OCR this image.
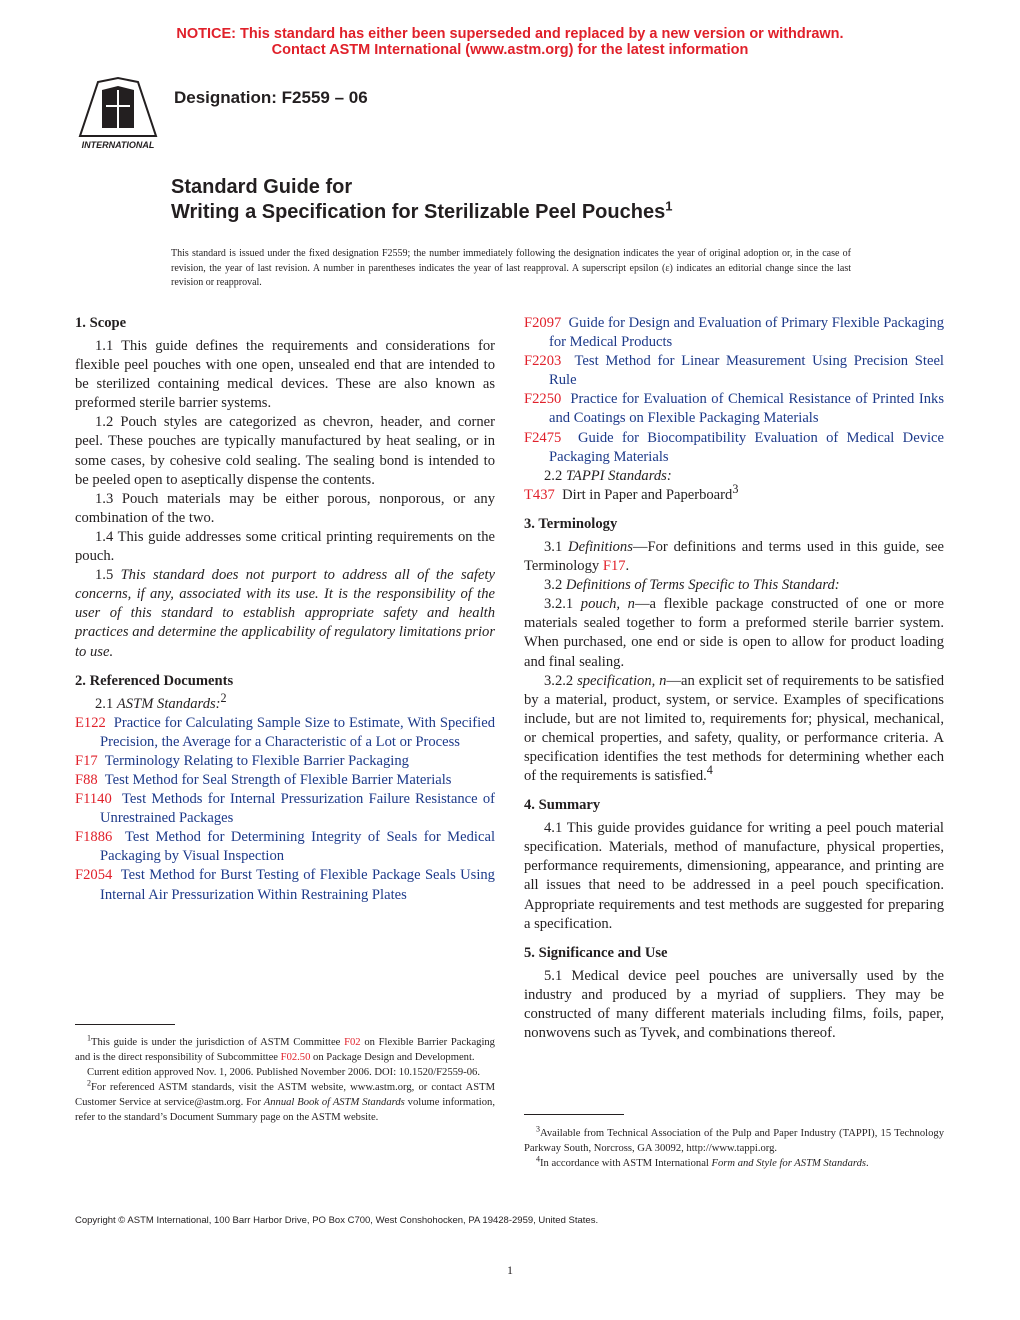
NOTICE: This standard has either been superseded and replaced by a new version or withdrawn.
Contact ASTM International (www.astm.org) for the latest information
INTERNATIONAL
Designation: F2559 – 06
Standard Guide for
Writing a Specification for Sterilizable Peel Pouches$^1$
This standard is issued under the fixed designation F2559; the number immediately following the designation indicates the year of original adoption or, in the case of revision, the year of last revision. A number in parentheses indicates the year of last reapproval. A superscript epsilon (ε) indicates an editorial change since the last revision or reapproval.
1. Scope

1.1 This guide defines the requirements and considerations for flexible peel pouches with one open, unsealed end that are intended to be sterilized containing medical devices. These are also known as preformed sterile barrier systems.

1.2 Pouch styles are categorized as chevron, header, and corner peel. These pouches are typically manufactured by heat sealing, or in some cases, by cohesive cold sealing. The sealing bond is intended to be peeled open to aseptically dispense the contents.

1.3 Pouch materials may be either porous, nonporous, or any combination of the two.

1.4 This guide addresses some critical printing requirements on the pouch.

1.5 This standard does not purport to address all of the safety concerns, if any, associated with its use. It is the responsibility of the user of this standard to establish appropriate safety and health practices and determine the applicability of regulatory limitations prior to use.

2. Referenced Documents

2.1 ASTM Standards:$^2$

E122 Practice for Calculating Sample Size to Estimate, With Specified Precision, the Average for a Characteristic of a Lot or Process

F17 Terminology Relating to Flexible Barrier Packaging

F88 Test Method for Seal Strength of Flexible Barrier Materials

F1140 Test Methods for Internal Pressurization Failure Resistance of Unrestrained Packages

F1886 Test Method for Determining Integrity of Seals for Medical Packaging by Visual Inspection

F2054 Test Method for Burst Testing of Flexible Package Seals Using Internal Air Pressurization Within Restraining Plates

F2097 Guide for Design and Evaluation of Primary Flexible Packaging for Medical Products

F2203 Test Method for Linear Measurement Using Precision Steel Rule

F2250 Practice for Evaluation of Chemical Resistance of Printed Inks and Coatings on Flexible Packaging Materials

F2475 Guide for Biocompatibility Evaluation of Medical Device Packaging Materials

2.2 TAPPI Standards:

T437 Dirt in Paper and Paperboard$^3$

3. Terminology

3.1 Definitions—For definitions and terms used in this guide, see Terminology F17.

3.2 Definitions of Terms Specific to This Standard:

3.2.1 pouch, n—a flexible package constructed of one or more materials sealed together to form a preformed sterile barrier system. When purchased, one end or side is open to allow for product loading and final sealing.

3.2.2 specification, n—an explicit set of requirements to be satisfied by a material, product, system, or service. Examples of specifications include, but are not limited to, requirements for; physical, mechanical, or chemical properties, and safety, quality, or performance criteria. A specification identifies the test methods for determining whether each of the requirements is satisfied.$^4$

4. Summary

4.1 This guide provides guidance for writing a peel pouch material specification. Materials, method of manufacture, physical properties, performance requirements, dimensioning, appearance, and printing are all issues that need to be addressed in a peel pouch specification. Appropriate requirements and test methods are suggested for preparing a specification.

5. Significance and Use

5.1 Medical device peel pouches are universally used by the industry and produced by a myriad of suppliers. They may be constructed of many different materials including films, foils, paper, nonwovens such as Tyvek, and combinations thereof.

$^1$This guide is under the jurisdiction of ASTM Committee F02 on Flexible Barrier Packaging and is the direct responsibility of Subcommittee F02.50 on Package Design and Development.

Current edition approved Nov. 1, 2006. Published November 2006. DOI: 10.1520/F2559-06.

$^2$For referenced ASTM standards, visit the ASTM website, www.astm.org, or contact ASTM Customer Service at service@astm.org. For Annual Book of ASTM Standards volume information, refer to the standard’s Document Summary page on the ASTM website.

$^3$Available from Technical Association of the Pulp and Paper Industry (TAPPI), 15 Technology Parkway South, Norcross, GA 30092, http://www.tappi.org.

$^4$In accordance with ASTM International Form and Style for ASTM Standards.

Copyright © ASTM International, 100 Barr Harbor Drive, PO Box C700, West Conshohocken, PA 19428-2959, United States.
1
